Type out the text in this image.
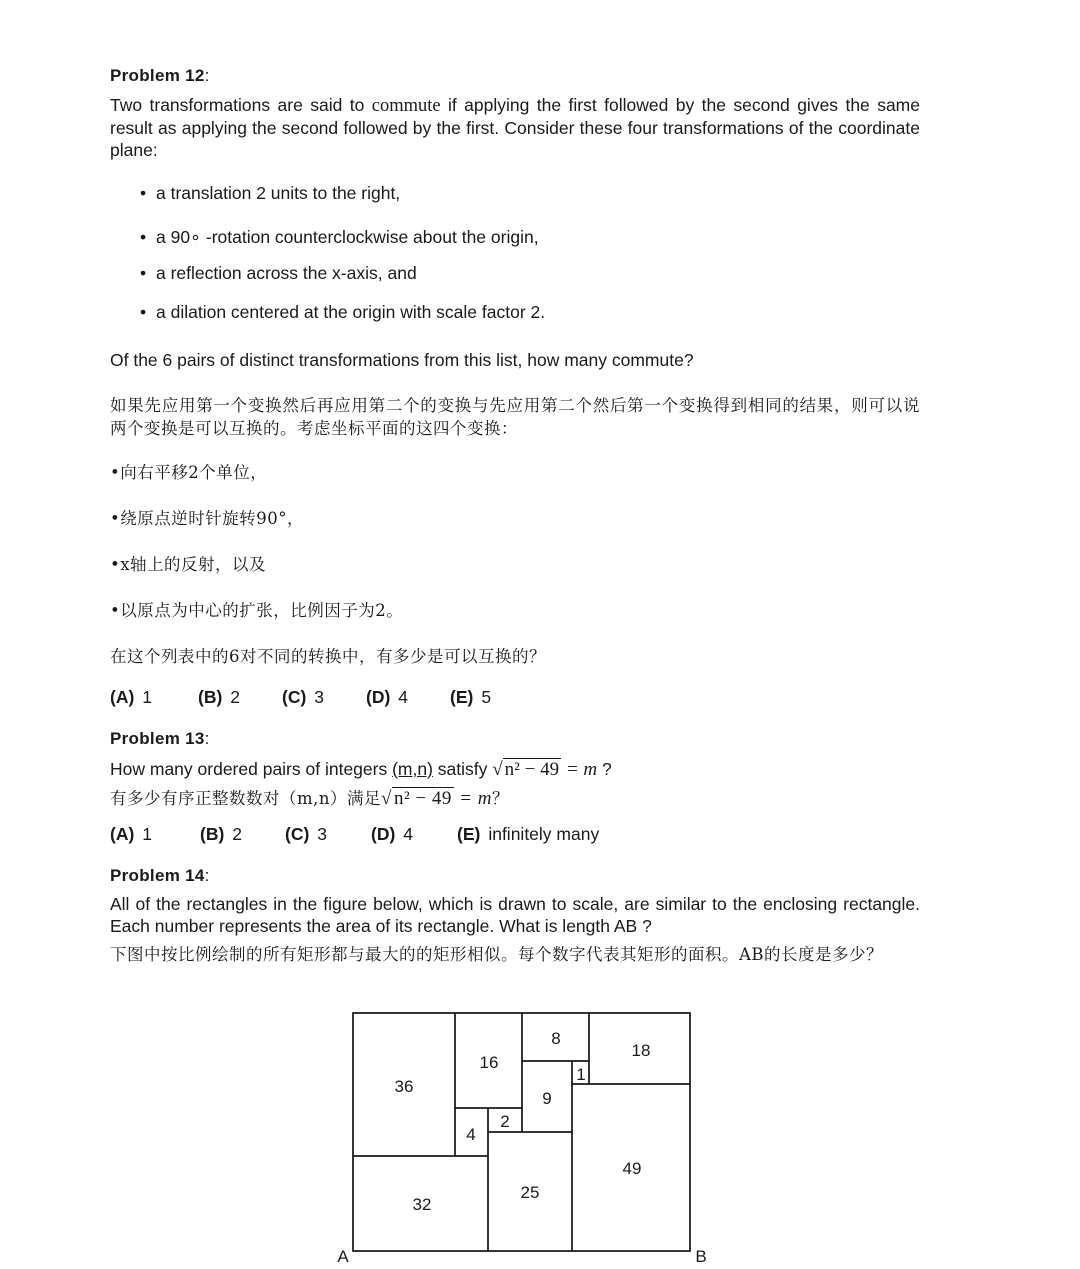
Problem 12:
Two transformations are said to commute if applying the first followed by the second gives the same result as applying the second followed by the first. Consider these four transformations of the coordinate plane:
• a translation 2 units to the right,
• a 90∘ -rotation counterclockwise about the origin,
• a reflection across the x-axis, and
• a dilation centered at the origin with scale factor 2.
Of the 6 pairs of distinct transformations from this list, how many commute?
如果先应用第一个变换然后再应用第二个的变换与先应用第二个然后第一个变换得到相同的结果，则可以说两个变换是可以互换的。考虑坐标平面的这四个变换：
•向右平移2个单位，
•绕原点逆时针旋转90°，
•x轴上的反射，以及
•以原点为中心的扩张，比例因子为2。
在这个列表中的6对不同的转换中，有多少是可以互换的？
(A) 1	(B) 2 (C) 3 (D) 4 (E) 5
Problem 13:
How many ordered pairs of integers (m,n) satisfy √ n² − 49 = m ?
有多少有序正整数数对（m,n）满足√ n² − 49 = m？
(A) 1	(B) 2 (C) 3	(D) 4	(E) infinitely many
Problem 14:
All of the rectangles in the figure below, which is drawn to scale, are similar to the enclosing rectangle. Each number represents the area of its rectangle. What is length AB ?
下图中按比例绘制的所有矩形都与最大的的矩形相似。每个数字代表其矩形的面积。AB的长度是多少？
36
16
8
18
1
9
2
4
49
25
32
A	B
